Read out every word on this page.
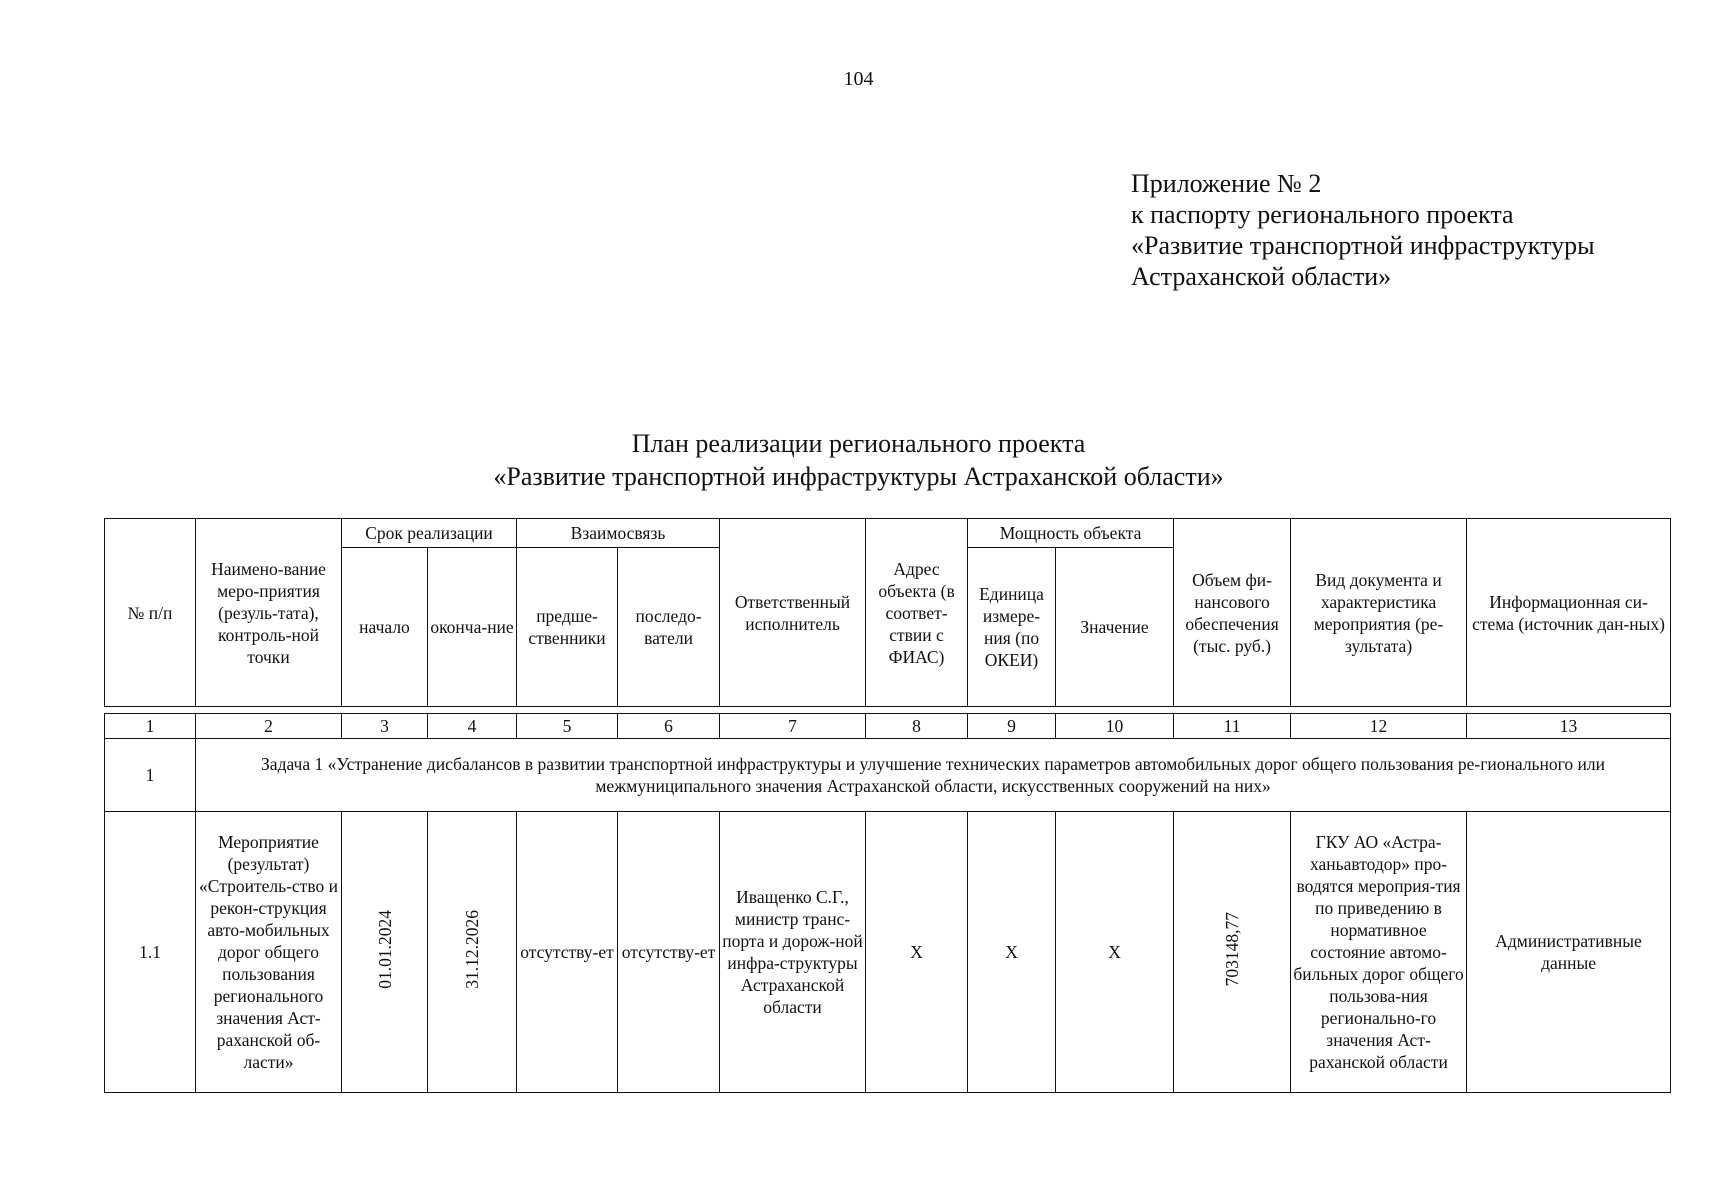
104
Приложение № 2
к паспорту регионального проекта
«Развитие транспортной инфраструктуры
Астраханской области»
План реализации регионального проекта
«Развитие транспортной инфраструктуры Астраханской области»
№ п/п	Наимено-вание меро-приятия (резуль-тата), контроль-ной точки	Срок реализации		Взаимосвязь		Ответственный исполнитель	Адрес объекта (в соответ-ствии с ФИАС)	Мощность объекта		Объем фи-нансового обеспечения (тыс. руб.)	Вид документа и характеристика мероприятия (ре-зультата)	Информационная си-стема (источник дан-ных)
		начало	оконча-ние	предше-ственники	последо-ватели			Единица измере-ния (по ОКЕИ)	Значение			

1	2	3	4	5	6	7	8	9	10	11	12	13
1	Задача 1 «Устранение дисбалансов в развитии транспортной инфраструктуры и улучшение технических параметров автомобильных дорог общего пользования ре-гионального или межмуниципального значения Астраханской области, искусственных сооружений на них»											
1.1	Мероприятие (результат) «Строитель-ство и рекон-струкция авто-мобильных дорог общего пользования регионального значения Аст-раханской об-ласти»	01.01.2024	31.12.2026	отсутству-ет	отсутству-ет	Иващенко С.Г., министр транс-порта и дорож-ной инфра-структуры Астраханской области	X	X	X	703148,77	ГКУ АО «Астра-ханьавтодор» про-водятся мероприя-тия по приведению в нормативное состояние автомо-бильных дорог общего пользова-ния регионально-го значения Аст-раханской области	Административные данные
